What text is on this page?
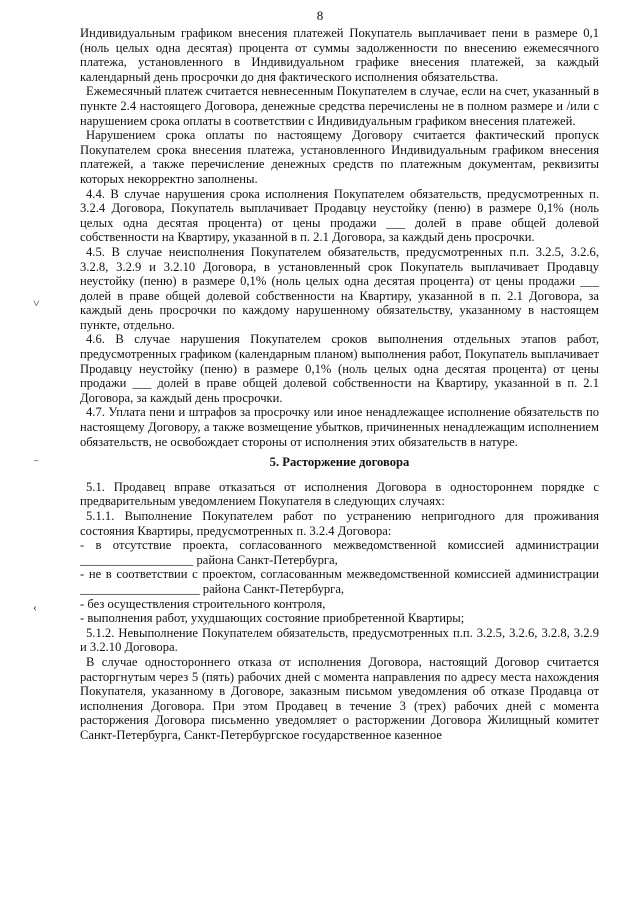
8
˅
⁻
‹

Индивидуальным графиком внесения платежей Покупатель выплачивает пени в размере 0,1 (ноль целых одна десятая) процента от суммы задолженности по внесению ежемесячного платежа, установленного в Индивидуальном графике внесения платежей, за каждый календарный день просрочки до дня фактического исполнения обязательства.

Ежемесячный платеж считается невнесенным Покупателем в случае, если на счет, указанный в пункте 2.4 настоящего Договора, денежные средства перечислены не в полном размере и /или с нарушением срока оплаты в соответствии с Индивидуальным графиком внесения платежей.

Нарушением срока оплаты по настоящему Договору считается фактический пропуск Покупателем срока внесения платежа, установленного Индивидуальным графиком внесения платежей, а также перечисление денежных средств по платежным документам, реквизиты которых некорректно заполнены.

4.4. В случае нарушения срока исполнения Покупателем обязательств, предусмотренных п. 3.2.4 Договора, Покупатель выплачивает Продавцу неустойку (пеню) в размере 0,1% (ноль целых одна десятая процента) от цены продажи ___ долей в праве общей долевой собственности на Квартиру, указанной в п. 2.1 Договора, за каждый день просрочки.

4.5. В случае неисполнения Покупателем обязательств, предусмотренных п.п. 3.2.5, 3.2.6, 3.2.8, 3.2.9 и 3.2.10 Договора, в установленный срок Покупатель выплачивает Продавцу неустойку (пеню) в размере 0,1% (ноль целых одна десятая процента) от цены продажи ___ долей в праве общей долевой собственности на Квартиру, указанной в п. 2.1 Договора, за каждый день просрочки по каждому нарушенному обязательству, указанному в настоящем пункте, отдельно.

4.6. В случае нарушения Покупателем сроков выполнения отдельных этапов работ, предусмотренных графиком (календарным планом) выполнения работ, Покупатель выплачивает Продавцу неустойку (пеню) в размере 0,1% (ноль целых одна десятая процента) от цены продажи ___ долей в праве общей долевой собственности на Квартиру, указанной в п. 2.1 Договора, за каждый день просрочки.

4.7. Уплата пени и штрафов за просрочку или иное ненадлежащее исполнение обязательств по настоящему Договору, а также возмещение убытков, причиненных ненадлежащим исполнением обязательств, не освобождает стороны от исполнения этих обязательств в натуре.

5. Расторжение договора

5.1. Продавец вправе отказаться от исполнения Договора в одностороннем порядке с предварительным уведомлением Покупателя в следующих случаях:

5.1.1. Выполнение Покупателем работ по устранению непригодного для проживания состояния Квартиры, предусмотренных п. 3.2.4 Договора:

- в отсутствие проекта, согласованного межведомственной комиссией администрации __________________ района Санкт-Петербурга,

- не в соответствии с проектом, согласованным межведомственной комиссией администрации ___________________ района Санкт-Петербурга,

- без осуществления строительного контроля,

- выполнения работ, ухудшающих состояние приобретенной Квартиры;

5.1.2. Невыполнение Покупателем обязательств, предусмотренных п.п. 3.2.5, 3.2.6, 3.2.8, 3.2.9 и 3.2.10 Договора.

В случае одностороннего отказа от исполнения Договора, настоящий Договор считается расторгнутым через 5 (пять) рабочих дней с момента направления по адресу места нахождения Покупателя, указанному в Договоре, заказным письмом уведомления об отказе Продавца от исполнения Договора. При этом Продавец в течение 3 (трех) рабочих дней с момента расторжения Договора письменно уведомляет о расторжении Договора Жилищный комитет Санкт-Петербурга, Санкт-Петербургское государственное казенное
